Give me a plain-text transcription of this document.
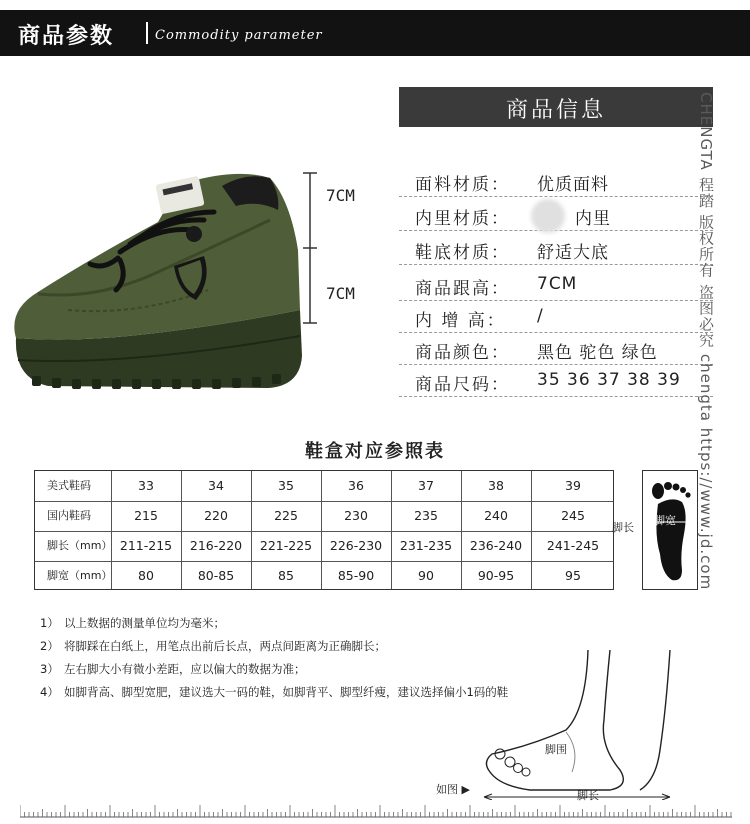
商品参数	Commodity parameter
7CM
7CM
商品信息
面料材质： 优质面料
内里材质：	内里
鞋底材质： 舒适大底
商品跟高： 7CM
内 增 高： /
商品颜色： 黑色 驼色 绿色
商品尺码： 35 36 37 38 39 CHENGTA 程踏 版权所有 盗图必究 chengta https://www.jd.com
鞋盒对应参照表
美式鞋码	33	34	35	36	37	38	39
国内鞋码	215	220	225	230	235	240	245
脚长（mm） 211-215	216-220	221-225	226-230	231-235	236-240	241-245
脚宽（mm）	80	80-85	85	85-90	90	90-95	95
脚长
脚宽
1） 以上数据的测量单位均为毫米；
2） 将脚踩在白纸上，用笔点出前后长点，两点间距离为正确脚长；
3） 左右脚大小有微小差距，应以偏大的数据为准；
4） 如脚背高、脚型宽肥，建议选大一码的鞋，如脚背平、脚型纤瘦，建议选择偏小1码的鞋
脚围
脚长
如图 ▶
